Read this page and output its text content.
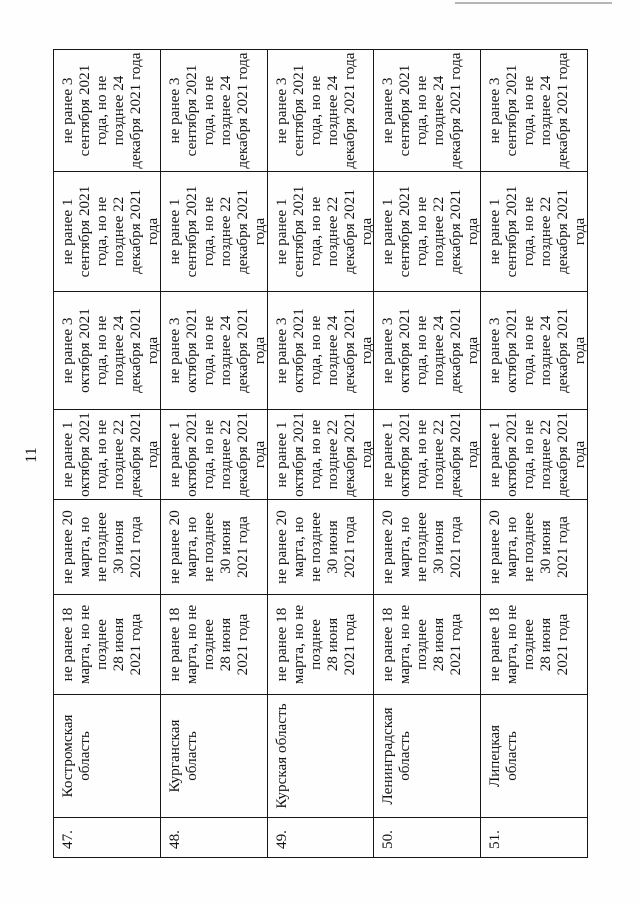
11
47.
Костромская
область
не ранее 18
марта, но не
позднее
28 июня
2021 года
не ранее 20
марта, но
не позднее
30 июня
2021 года
не ранее 1
октября 2021
года, но не
позднее 22
декабря 2021
года
не ранее 3
октября 2021
года, но не
позднее 24
декабря 2021
года
не ранее 1
сентября 2021
года, но не
позднее 22
декабря 2021
года
не ранее 3
сентября 2021
года, но не
позднее 24
декабря 2021 года
48.
Курганская
область
не ранее 18
марта, но не
позднее
28 июня
2021 года
не ранее 20
марта, но
не позднее
30 июня
2021 года
не ранее 1
октября 2021
года, но не
позднее 22
декабря 2021
года
не ранее 3
октября 2021
года, но не
позднее 24
декабря 2021
года
не ранее 1
сентября 2021
года, но не
позднее 22
декабря 2021
года
не ранее 3
сентября 2021
года, но не
позднее 24
декабря 2021 года
49.
Курская область
не ранее 18
марта, но не
позднее
28 июня
2021 года
не ранее 20
марта, но
не позднее
30 июня
2021 года
не ранее 1
октября 2021
года, но не
позднее 22
декабря 2021
года
не ранее 3
октября 2021
года, но не
позднее 24
декабря 2021
года
не ранее 1
сентября 2021
года, но не
позднее 22
декабря 2021
года
не ранее 3
сентября 2021
года, но не
позднее 24
декабря 2021 года
50.
Ленинградская
область
не ранее 18
марта, но не
позднее
28 июня
2021 года
не ранее 20
марта, но
не позднее
30 июня
2021 года
не ранее 1
октября 2021
года, но не
позднее 22
декабря 2021
года
не ранее 3
октября 2021
года, но не
позднее 24
декабря 2021
года
не ранее 1
сентября 2021
года, но не
позднее 22
декабря 2021
года
не ранее 3
сентября 2021
года, но не
позднее 24
декабря 2021 года
51.
Липецкая
область
не ранее 18
марта, но не
позднее
28 июня
2021 года
не ранее 20
марта, но
не позднее
30 июня
2021 года
не ранее 1
октября 2021
года, но не
позднее 22
декабря 2021
года
не ранее 3
октября 2021
года, но не
позднее 24
декабря 2021
года
не ранее 1
сентября 2021
года, но не
позднее 22
декабря 2021
года
не ранее 3
сентября 2021
года, но не
позднее 24
декабря 2021 года
